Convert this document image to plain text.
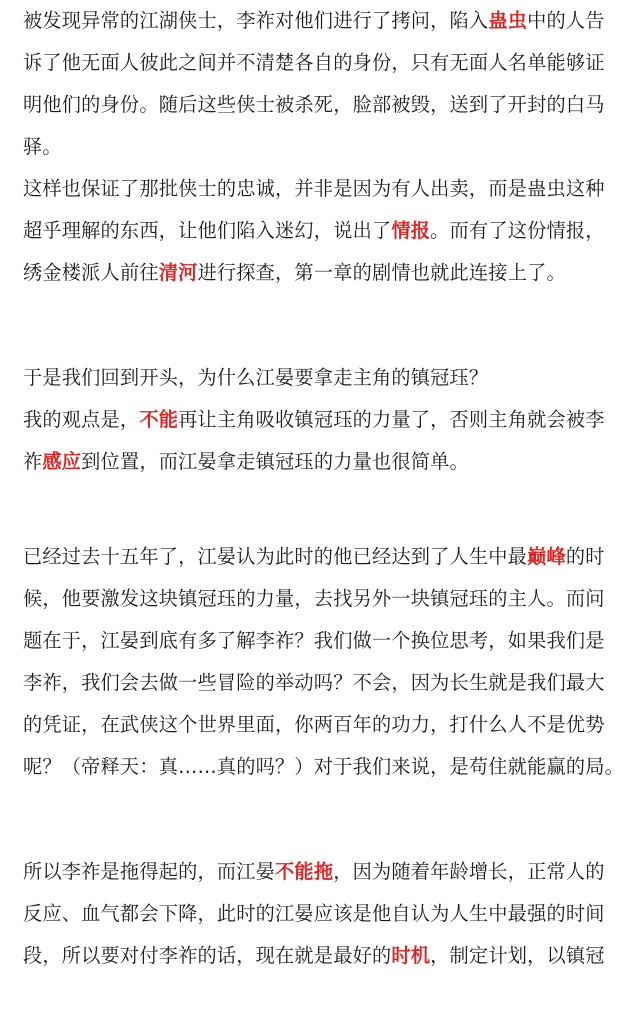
被发现异常的江湖侠士，李祚对他们进行了拷问，陷入蛊虫中的人告
诉了他无面人彼此之间并不清楚各自的身份，只有无面人名单能够证
明他们的身份。随后这些侠士被杀死，脸部被毁，送到了开封的白马
驿。
这样也保证了那批侠士的忠诚，并非是因为有人出卖，而是蛊虫这种
超乎理解的东西，让他们陷入迷幻，说出了情报。而有了这份情报，
绣金楼派人前往清河进行探查，第一章的剧情也就此连接上了。
于是我们回到开头，为什么江晏要拿走主角的镇冠珏？
我的观点是，不能再让主角吸收镇冠珏的力量了，否则主角就会被李
祚感应到位置，而江晏拿走镇冠珏的力量也很简单。
已经过去十五年了，江晏认为此时的他已经达到了人生中最巅峰的时
候，他要激发这块镇冠珏的力量，去找另外一块镇冠珏的主人。而问
题在于，江晏到底有多了解李祚？我们做一个换位思考，如果我们是
李祚，我们会去做一些冒险的举动吗？不会，因为长生就是我们最大
的凭证，在武侠这个世界里面，你两百年的功力，打什么人不是优势
呢？（帝释天：真……真的吗？）对于我们来说，是苟住就能赢的局。
所以李祚是拖得起的，而江晏不能拖，因为随着年龄增长，正常人的
反应、血气都会下降，此时的江晏应该是他自认为人生中最强的时间
段，所以要对付李祚的话，现在就是最好的时机，制定计划，以镇冠
